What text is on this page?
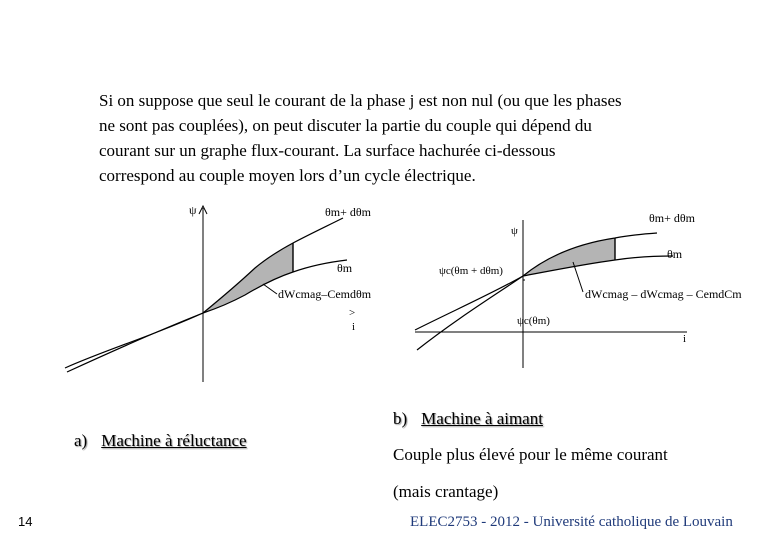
Si on suppose que seul le courant de la phase j est non nul (ou que les phases
ne sont pas couplées), on peut discuter la partie du couple qui dépend du
courant sur un graphe flux-courant. La surface hachurée ci-dessous
correspond au couple moyen lors d’un cycle électrique.
ψ	θm+ dθm
θm
dWcmag–Cemdθm
>
i
ψ
θm+ dθm
θm
ψc(θm + dθm)
ψc(θm)
dWcmag – dWcmag – CemdCm
i
a) Machine à réluctance
b) Machine à aimant
Couple plus élevé pour le même courant
(mais crantage)
14	ELEC2753 - 2012 - Université catholique de Louvain
